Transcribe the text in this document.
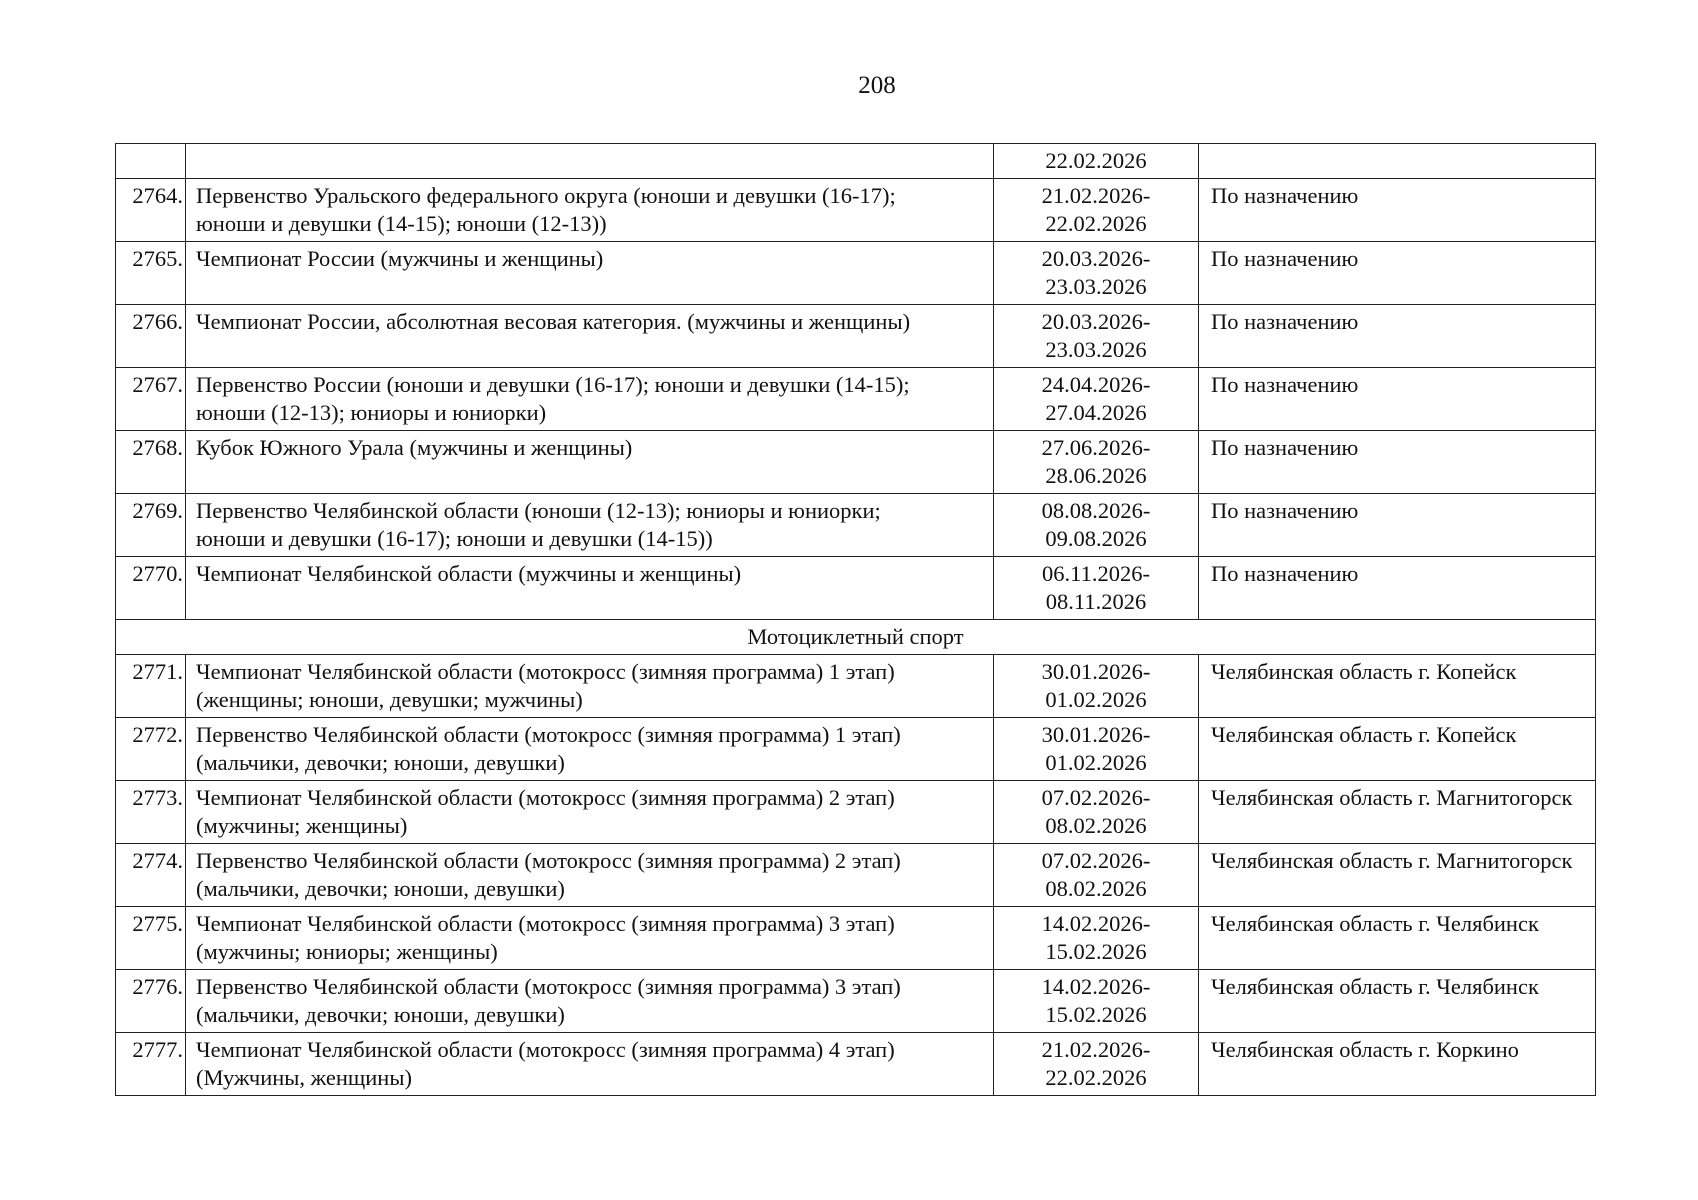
208
		22.02.2026	
2764.	Первенство Уральского федерального округа (юноши и девушки (16-17);
юноши и девушки (14-15); юноши (12-13))	21.02.2026-
22.02.2026	По назначению

2765.	Чемпионат России (мужчины и женщины)	20.03.2026-
23.03.2026	По назначению

2766.	Чемпионат России, абсолютная весовая категория. (мужчины и женщины)	20.03.2026-
23.03.2026	По назначению

2767.	Первенство России (юноши и девушки (16-17); юноши и девушки (14-15);
юноши (12-13); юниоры и юниорки)	24.04.2026-
27.04.2026	По назначению

2768.	Кубок Южного Урала (мужчины и женщины)	27.06.2026-
28.06.2026	По назначению

2769.	Первенство Челябинской области (юноши (12-13); юниоры и юниорки;
юноши и девушки (16-17); юноши и девушки (14-15))	08.08.2026-
09.08.2026	По назначению

2770.	Чемпионат Челябинской области (мужчины и женщины)	06.11.2026-
08.11.2026	По назначению

Мотоциклетный спорт			
2771.	Чемпионат Челябинской области (мотокросс (зимняя программа) 1 этап)
(женщины; юноши, девушки; мужчины)	30.01.2026-
01.02.2026	Челябинская область г. Копейск

2772.	Первенство Челябинской области (мотокросс (зимняя программа) 1 этап)
(мальчики, девочки; юноши, девушки)	30.01.2026-
01.02.2026	Челябинская область г. Копейск

2773.	Чемпионат Челябинской области (мотокросс (зимняя программа) 2 этап)
(мужчины; женщины)	07.02.2026-
08.02.2026	Челябинская область г. Магнитогорск

2774.	Первенство Челябинской области (мотокросс (зимняя программа) 2 этап)
(мальчики, девочки; юноши, девушки)	07.02.2026-
08.02.2026	Челябинская область г. Магнитогорск

2775.	Чемпионат Челябинской области (мотокросс (зимняя программа) 3 этап)
(мужчины; юниоры; женщины)	14.02.2026-
15.02.2026	Челябинская область г. Челябинск

2776.	Первенство Челябинской области (мотокросс (зимняя программа) 3 этап)
(мальчики, девочки; юноши, девушки)	14.02.2026-
15.02.2026	Челябинская область г. Челябинск

2777.	Чемпионат Челябинской области (мотокросс (зимняя программа) 4 этап)
(Мужчины, женщины)	21.02.2026-
22.02.2026	Челябинская область г. Коркино
